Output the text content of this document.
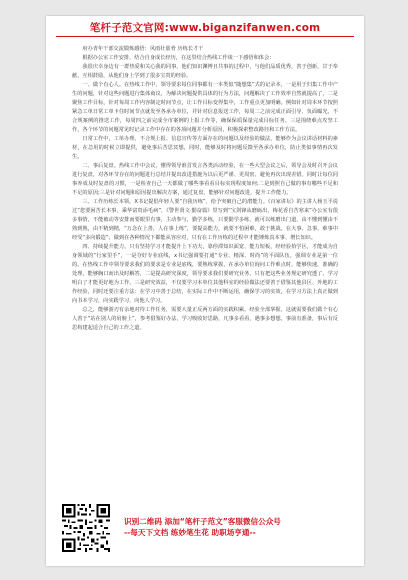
笔杆子范文官网:www.biganzifanwen.com

府办青年干部交流锻炼感悟：风雨壮筋骨 历练长才干

根据办公室工作安排，结合自身成长经历，在这里结合热线工作谈一下感悟和体会：

我很庆幸身边有一群热爱和关心我的同事，他们知识渊博且共事的过程中，与他们品质优秀，善于创新，甘于奉献，互相鼓励，从他们身上学到了很多宝贵的经验。

一、做个有心人。在热线工作中，领导要求每位同事都有一本类似“随想集”式的记录本，一是用于归集工作中产生的问题，针对这些问题进行集体商议，为解决问题提供具体的行为方法，问题解决了工作效率自然就提高了，二是聚焦工作目标，针对每周工作内容制定时间节点，让工作目标变得集中，工作重点更加明确。例如针对周本环节按照紧急工单日常工单卡住时间节点就发至各承办单位，并针对信息报送工作，每周二之前完成正面引导、负面曝光，不合规案例的推送工作，每周四之前完成全市案例的上报工作等，确保保质保量完成目标任务。三是围绕难点攻坚工作，各个环节的问题常见时记录工作中存在的各项问题并分析原因，积极探索整改路径和工作方法。

日常工作中，工单办理、不合规上报、信息宣传等方面存在的问题以及经验的做法，能够作为会议讲话材料的素材，在急用的时候立即提供，避免事后苦思冥想，同时，能够及时将问题反馈至各承办单位，防止类似事情再次发生。

二、事后复盘。热线工作中会议，懂得领导谁首发言各类活动经验，在一些大型会议之后，领导会及时召开会议进行复盘，对各环节存在的问题进行总结并提出改进措施为以后更严谨、更周密、避免再次出现差错。同时让每位同事养成及时复盘的习惯，一是检查自己一天都做了哪些事看看目标实现程度如何;二是到照自己做的事有哪些不足和不足的原因;三是针对问题和原因提出解决方案，通过复盘，能够针对问题改进，提升工作能力。

三、工作历练长本领。X书记提倡年轻人要“自我历练”，给予突破自己的潜能力。《百家讲坛》的主讲人杨玉平说过“您要困苦长本事，乘华富贵添毛病”，《警世贤文·勤奋篇》里写到“宝剑锋从磨砺出，梅花香自苦寒来”办公室有很多事情，不能被动等安排而要眼里有事，主动参与，勤学多练，只要勤学多练，就可以练磨出门道，由不懂到懂由不熟到熟，由不精到精，“万念在上善，人在事上练”，要提高能力，就要不怕困难，敢于挑战，在大事、急事、难事中经受“多向锻造”，做到在各种情况下都能从容应对，只有在工作历练的过程中才能锤炼真本事、增长知识。

四、持续提升能力。只有坚持学习才能提升上下功夫，靠停滞知识面宽、能力短板，经经验拾学区，才能成为自身领域的“行家里手”，一是夺好专业底线，x书记强调要打通“专业、精深、时尚”的平面队伍，强调专业是第一位的。在热线工作中领导要求我们的要求是专业是底线，要熟练掌握，在承办单位询问工作难点时，能够快速，准确的处理，能够胸口而出及时解答，二是提高研究深度，领导要求我们要研究业务，只有把这些业务规定研究透了，学习明白了才能更好地为工作。三是研究效益，不仅要学习本单位其他科室的经验做法还要善于借鉴其他县区、外地的工作经验，同时还要注重方法：在学习中善于总结，在实际工作中不断运用，确保学习的实效，在学习方法上真正做到向书本学习，向实践学习，向他人学习。

总之，能够游刃有余地对待工作任务，需要大量正反两方面的实践积累，经验全部掌握，这就需要我们做个有心人善于“站在别人的肩膀上”，参考借鉴好办法、学习吸收好思路，凡事多看看，遇事多想想，事前有准备，事后有反思构建起适合自己的工作之道。

识别二维码 添加“笔杆子范文”客服微信公众号
--每天下文档 练妙笔生花 助职场亨通--
